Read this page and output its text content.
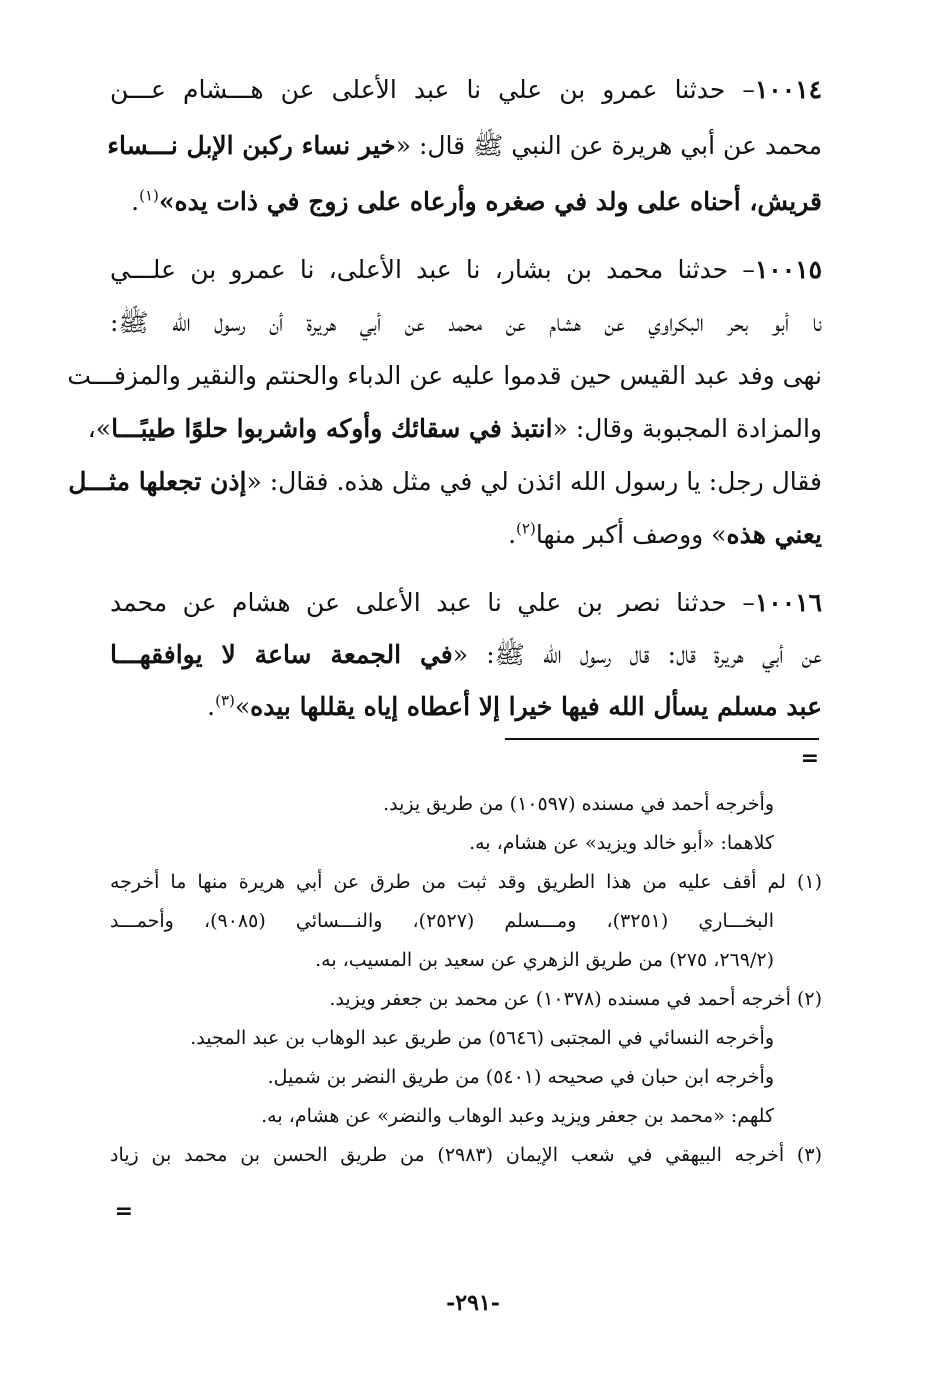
١٠٠١٤– حدثنا عمرو بن علي نا عبد الأعلى عن هـــشام عـــن
محمد عن أبي هريرة عن النبي ﷺ قال: «خير نساء ركبن الإبل نـــساء
قريش، أحناه على ولد في صغره وأرعاه على زوج في ذات يده»$^{(١)}$.
١٠٠١٥– حدثنا محمد بن بشار، نا عبد الأعلى، نا عمرو بن علـــي
نا أبو بحر البكراوي عن هشام عن محمد عن أبي هريرة أن رسول الله ﷺ:
نهى وفد عبد القيس حين قدموا عليه عن الدباء والحنتم والنقير والمزفـــت
والمزادة المجبوبة وقال: «انتبذ في سقائك وأوكه واشربوا حلوًا طيبًـــا»،
فقال رجل: يا رسول الله ائذن لي في مثل هذه. فقال: «إذن تجعلها مثـــل
يعني هذه» ووصف أكبر منها$^{(٢)}$.
١٠٠١٦– حدثنا نصر بن علي نا عبد الأعلى عن هشام عن محمد
عن أبي هريرة قال: قال رسول الله ﷺ: «في الجمعة ساعة لا يوافقهـــا
عبد مسلم يسأل الله فيها خيرا إلا أعطاه إياه يقللها بيده»$^{(٣)}$.
=
وأخرجه أحمد في مسنده (١٠٥٩٧) من طريق يزيد.
كلاهما: «أبو خالد ويزيد» عن هشام، به.
(١) لم أقف عليه من هذا الطريق وقد ثبت من طرق عن أبي هريرة منها ما أخرجه
البخـــاري (٣٢٥١)، ومـــسلم (٢٥٢٧)، والنـــسائي (٩٠٨٥)، وأحمـــد
(٢٦٩/٢، ٢٧٥) من طريق الزهري عن سعيد بن المسيب، به.
(٢) أخرجه أحمد في مسنده (١٠٣٧٨) عن محمد بن جعفر ويزيد.
وأخرجه النسائي في المجتبى (٥٦٤٦) من طريق عبد الوهاب بن عبد المجيد.
وأخرجه ابن حبان في صحيحه (٥٤٠١) من طريق النضر بن شميل.
كلهم: «محمد بن جعفر ويزيد وعبد الوهاب والنضر» عن هشام، به.
(٣) أخرجه البيهقي في شعب الإيمان (٢٩٨٣) من طريق الحسن بن محمد بن زياد
=
-٢٩١-
